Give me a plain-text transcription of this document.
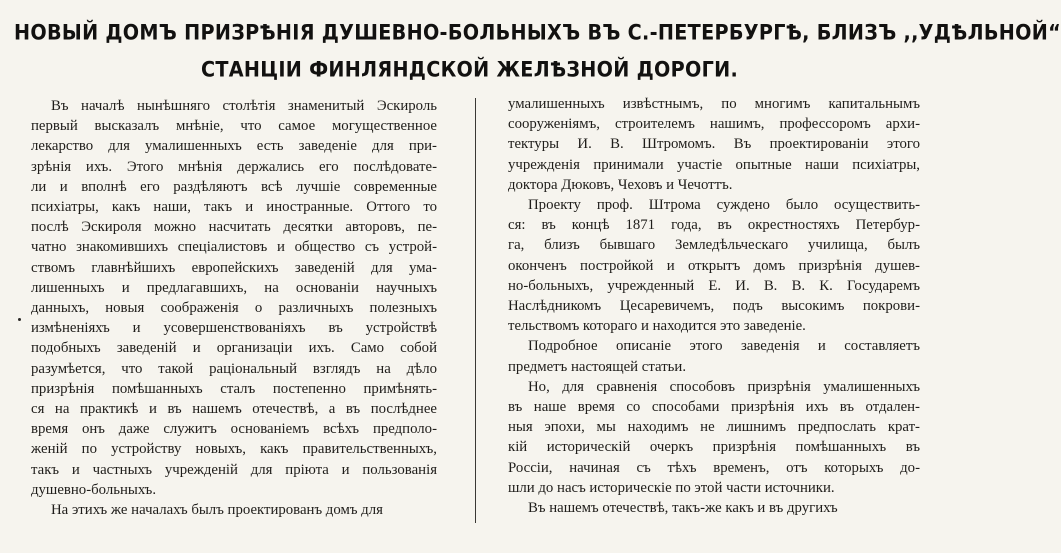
НОВЫЙ ДОМЪ ПРИЗРѢНІЯ ДУШЕВНО-БОЛЬНЫХЪ ВЪ С.-ПЕТЕРБУРГѢ, БЛИЗЪ ,,УДѢЛЬНОЙ“
СТАНЦІИ ФИНЛЯНДСКОЙ ЖЕЛѢЗНОЙ ДОРОГИ.
Въ началѣ нынѣшняго столѣтія знаменитый Эскироль
первый высказалъ мнѣніе, что самое могущественное
лекарство для умалишенныхъ есть заведеніе для при-
зрѣнія ихъ. Этого мнѣнія держались его послѣдовате-
ли и вполнѣ его раздѣляютъ всѣ лучшіе современные
психіатры, какъ наши, такъ и иностранные. Оттого то
послѣ Эскироля можно насчитать десятки авторовъ, пе-
чатно знакомившихъ спеціалистовъ и общество съ устрой-
ствомъ главнѣйшихъ европейскихъ заведеній для ума-
лишенныхъ и предлагавшихъ, на основаніи научныхъ
данныхъ, новыя соображенія о различныхъ полезныхъ
измѣненіяхъ и усовершенствованіяхъ въ устройствѣ
подобныхъ заведеній и организаціи ихъ. Само собой
разумѣется, что такой раціональный взглядъ на дѣло
призрѣнія помѣшанныхъ сталъ постепенно примѣнять-
ся на практикѣ и въ нашемъ отечествѣ, а въ послѣднее
время онъ даже служитъ основаніемъ всѣхъ предполо-
женій по устройству новыхъ, какъ правительственныхъ,
такъ и частныхъ учрежденій для пріюта и пользованія
душевно-больныхъ.
На этихъ же началахъ былъ проектированъ домъ для
умалишенныхъ извѣстнымъ, по многимъ капитальнымъ
сооруженіямъ, строителемъ нашимъ, профессоромъ архи-
тектуры И. В. Штромомъ. Въ проектированіи этого
учрежденія принимали участіе опытные наши психіатры,
доктора Дюковъ, Чеховъ и Чечоттъ.
Проекту проф. Штрома суждено было осуществить-
ся: въ концѣ 1871 года, въ окрестностяхъ Петербур-
га, близъ бывшаго Земледѣльческаго училища, былъ
оконченъ постройкой и открытъ домъ призрѣнія душев-
но-больныхъ, учрежденный Е. И. В. В. К. Государемъ
Наслѣдникомъ Цесаревичемъ, подъ высокимъ покрови-
тельствомъ котораго и находится это заведеніе.
Подробное описаніе этого заведенія и составляетъ
предметъ настоящей статьи.
Но, для сравненія способовъ призрѣнія умалишенныхъ
въ наше время со способами призрѣнія ихъ въ отдален-
ныя эпохи, мы находимъ не лишнимъ предпослать крат-
кій историческій очеркъ призрѣнія помѣшанныхъ въ
Россіи, начиная съ тѣхъ временъ, отъ которыхъ до-
шли до насъ историческіе по этой части источники.
Въ нашемъ отечествѣ, такъ-же какъ и въ другихъ
